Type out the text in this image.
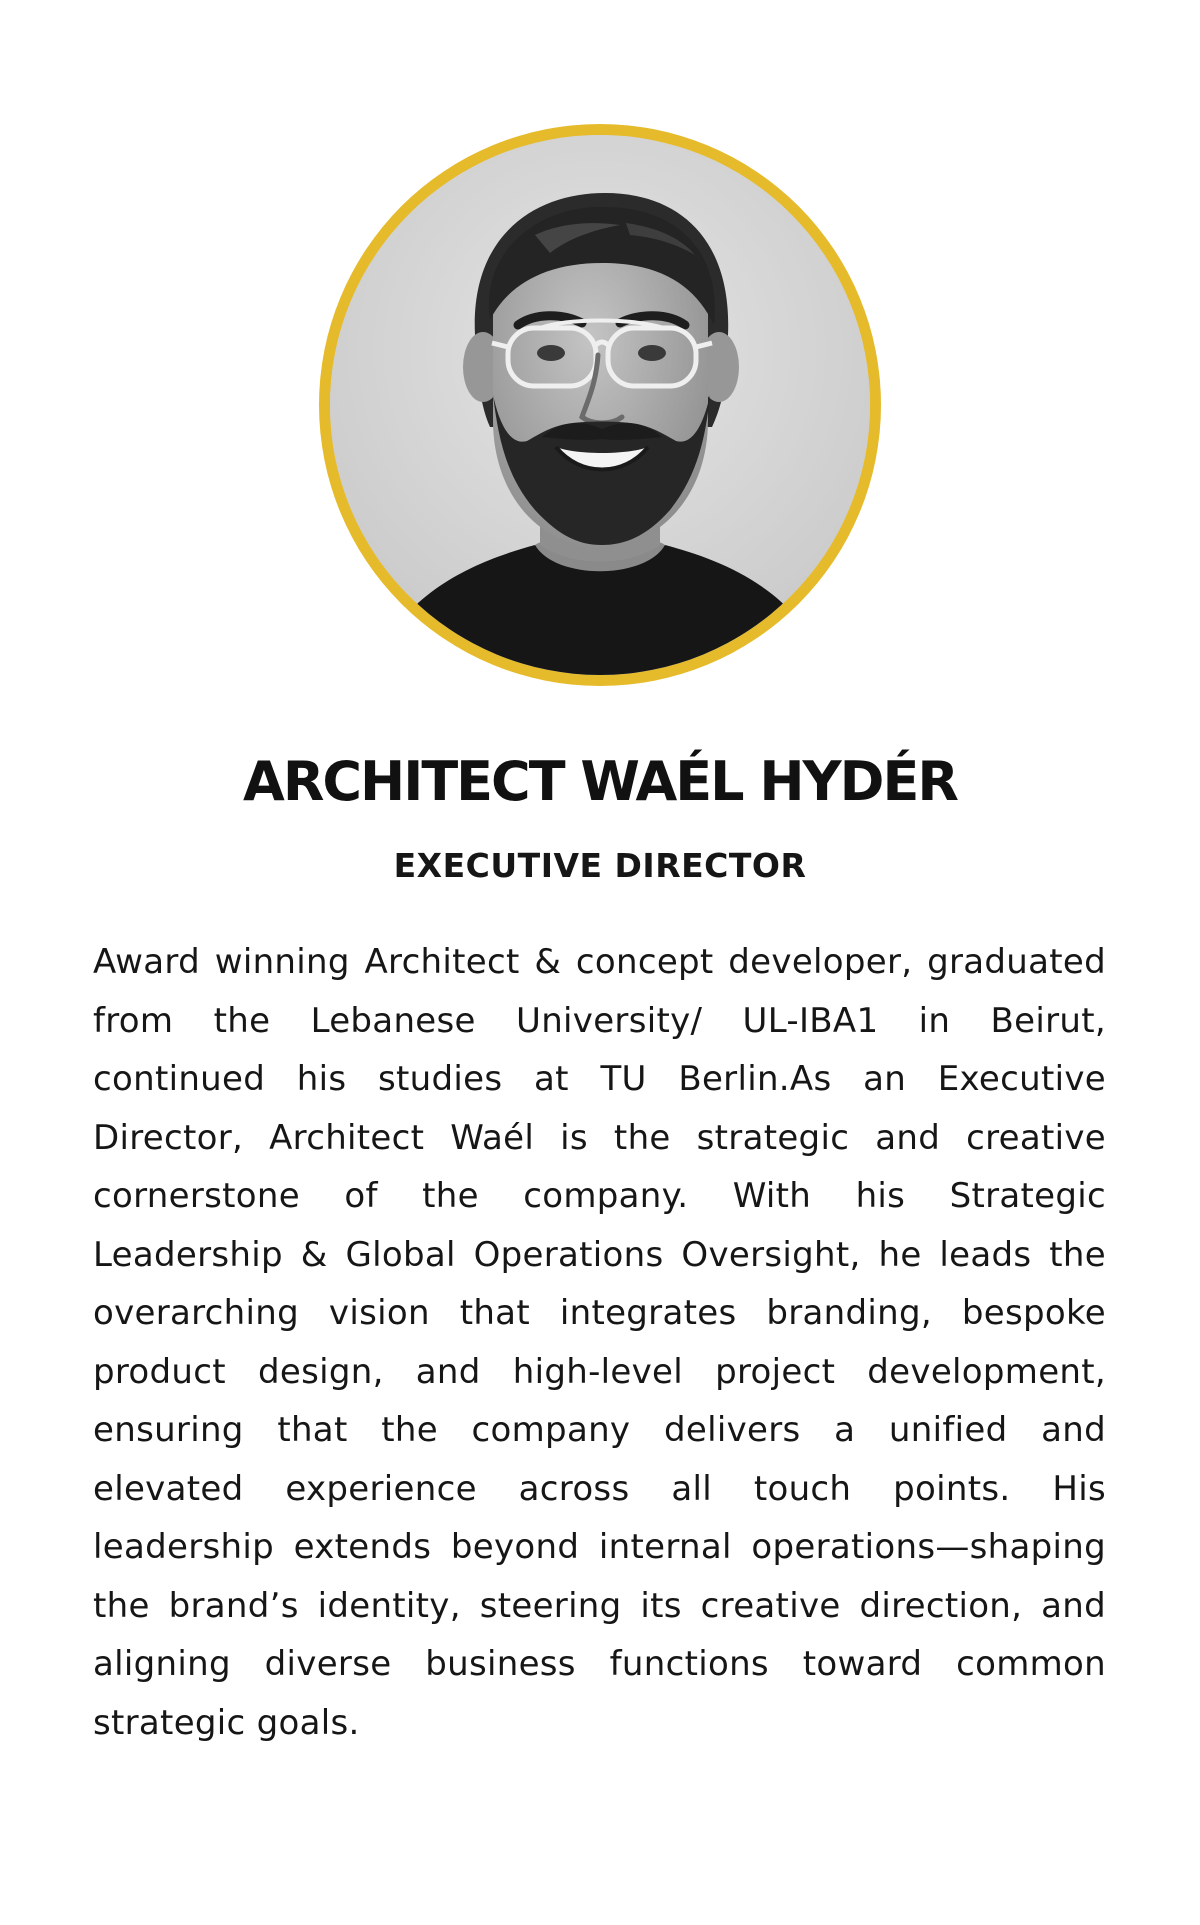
ARCHITECT WAÉL HYDÉR
EXECUTIVE DIRECTOR

Award winning Architect & concept developer, graduated from the Lebanese University/ UL-IBA1 in Beirut, continued his studies at TU Berlin.As an Executive Director, Architect Waél is the strategic and creative cornerstone of the company. With his Strategic Leadership & Global Operations Oversight, he leads the overarching vision that integrates branding, bespoke product design, and high-level project development, ensuring that the company delivers a unified and elevated experience across all touch points. His leadership extends beyond internal operations—shaping the brand’s identity, steering its creative direction, and aligning diverse business functions toward common strategic goals.
